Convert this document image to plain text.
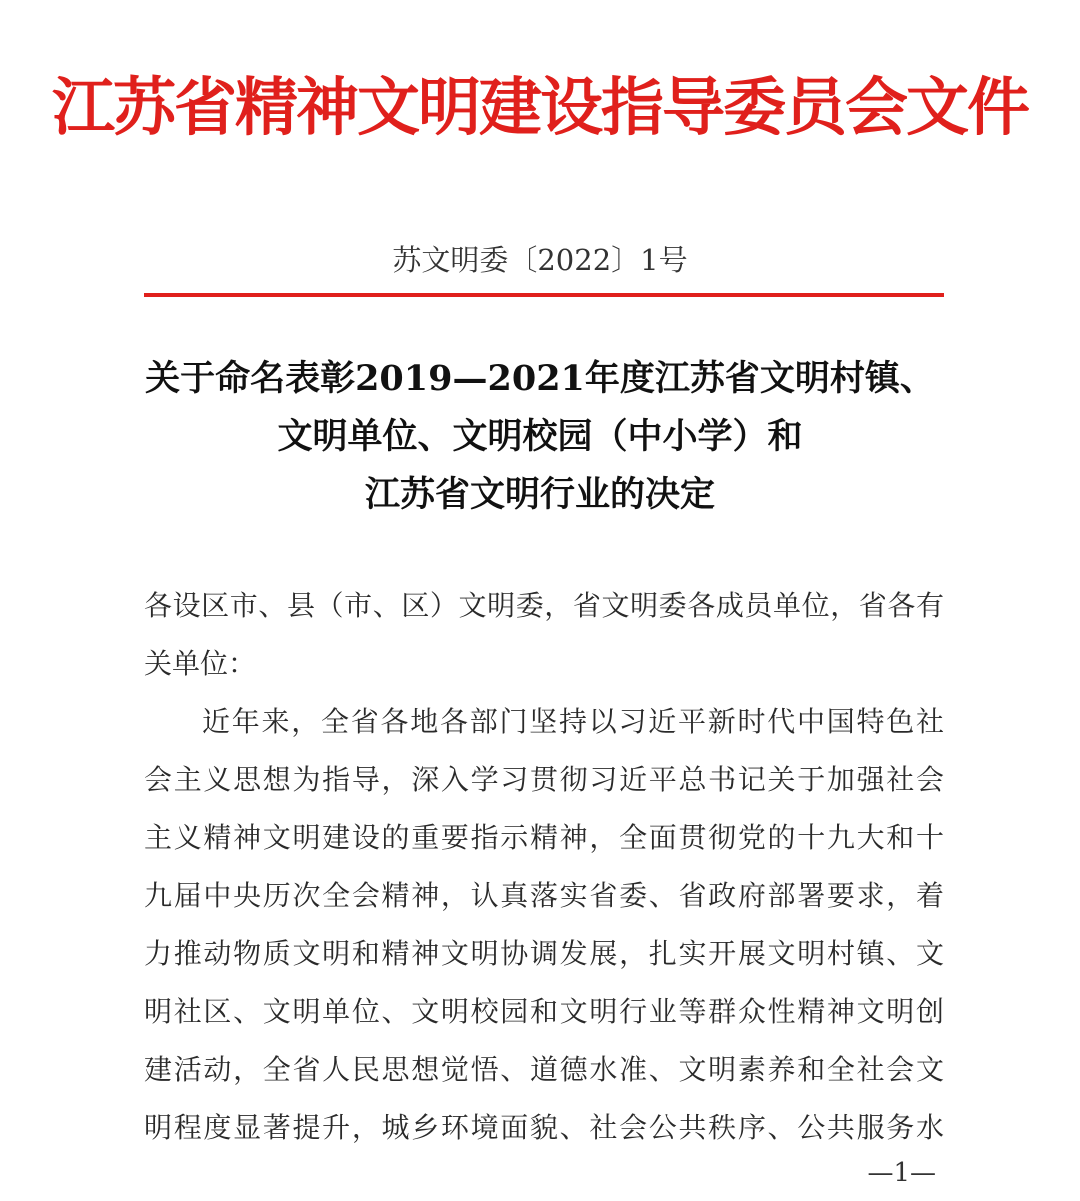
江苏省精神文明建设指导委员会文件
苏文明委〔2022〕1号
关于命名表彰2019—2021年度江苏省文明村镇、
文明单位、文明校园（中小学）和
江苏省文明行业的决定
各设区市、县（市、区）文明委，省文明委各成员单位，省各有
关单位：
近年来，全省各地各部门坚持以习近平新时代中国特色社
会主义思想为指导，深入学习贯彻习近平总书记关于加强社会
主义精神文明建设的重要指示精神，全面贯彻党的十九大和十
九届中央历次全会精神，认真落实省委、省政府部署要求，着
力推动物质文明和精神文明协调发展，扎实开展文明村镇、文
明社区、文明单位、文明校园和文明行业等群众性精神文明创
建活动，全省人民思想觉悟、道德水准、文明素养和全社会文
明程度显著提升，城乡环境面貌、社会公共秩序、公共服务水
—1—
